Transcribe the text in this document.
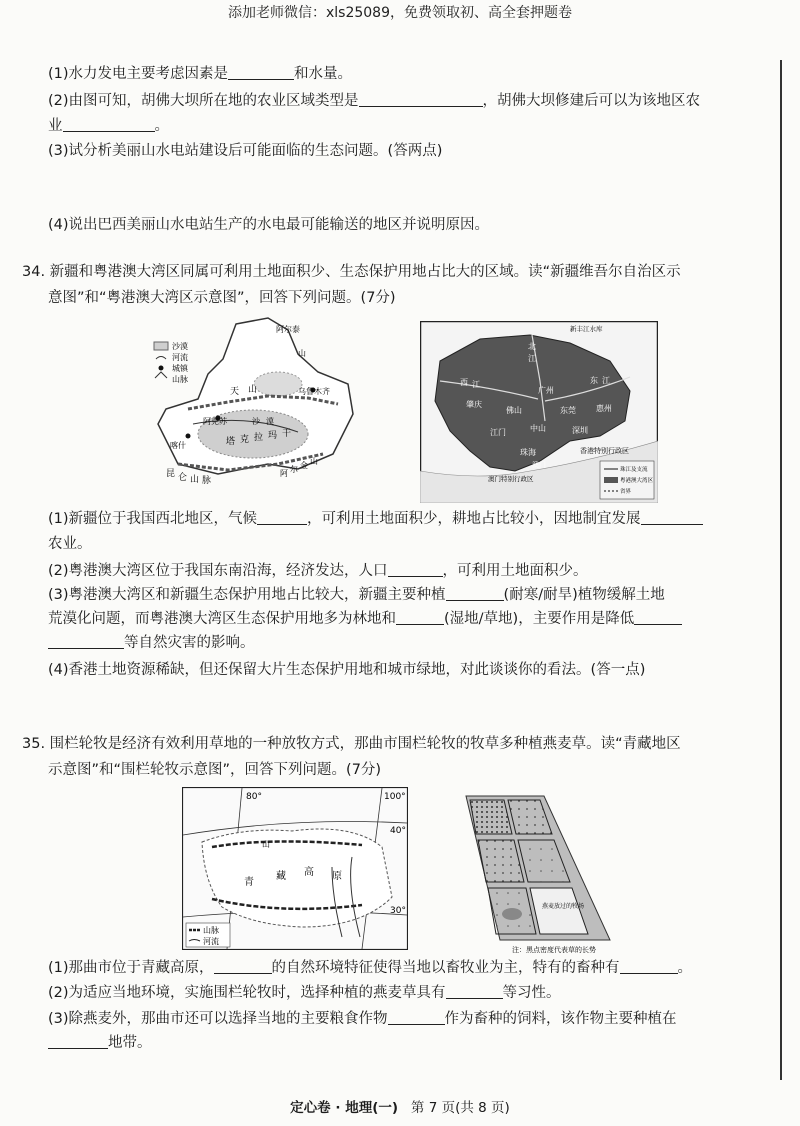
添加老师微信：xls25089，免费领取初、高全套押题卷
(1)水力发电主要考虑因素是	和水量。
(2)由图可知，胡佛大坝所在地的农业区域类型是	，胡佛大坝修建后可以为该地区农
业	。
(3)试分析美丽山水电站建设后可能面临的生态问题。(答两点)
(4)说出巴西美丽山水电站生产的水电最可能输送的地区并说明原因。
34. 新疆和粤港澳大湾区同属可利用土地面积少、生态保护用地占比大的区域。读“新疆维吾尔自治区示
意图”和“粤港澳大湾区示意图”，回答下列问题。(7分)
沙漠
河流
城镇
山脉
阿尔泰
山
天 山	乌鲁木齐
阿克苏
喀什	塔 克 拉 玛 干
沙 漠
昆 仑 山 脉
阿 尔 金 山
珠江及支流
粤港澳大湾区
省界
北
江
西 江	东 江
肇庆
佛山
广州
东莞	惠州
江门	中山	深圳
珠海
澳门
香港特别行政区
澳门特别行政区
新丰江水库
(1)新疆位于我国西北地区，气候	，可利用土地面积少，耕地占比较小，因地制宜发展
农业。
(2)粤港澳大湾区位于我国东南沿海，经济发达，人口	，可利用土地面积少。
(3)粤港澳大湾区和新疆生态保护用地占比较大，新疆主要种植	(耐寒/耐旱)植物缓解土地
荒漠化问题，而粤港澳大湾区生态保护用地多为林地和	(湿地/草地)，主要作用是降低
等自然灾害的影响。
(4)香港土地资源稀缺，但还保留大片生态保护用地和城市绿地，对此谈谈你的看法。(答一点)
35. 围栏轮牧是经济有效利用草地的一种放牧方式，那曲市围栏轮牧的牧草多种植燕麦草。读“青藏地区
示意图”和“围栏轮牧示意图”，回答下列问题。(7分)
80°	100°
40°
30°
青
藏 高 原
山
山脉
河流
燕麦放过的牧场
注：黑点密度代表草的长势
(1)那曲市位于青藏高原，	的自然环境特征使得当地以畜牧业为主，特有的畜种有	。
(2)为适应当地环境，实施围栏轮牧时，选择种植的燕麦草具有	等习性。
(3)除燕麦外，那曲市还可以选择当地的主要粮食作物	作为畜种的饲料，该作物主要种植在
地带。
定心卷 · 地理(一) 第 7 页(共 8 页)
